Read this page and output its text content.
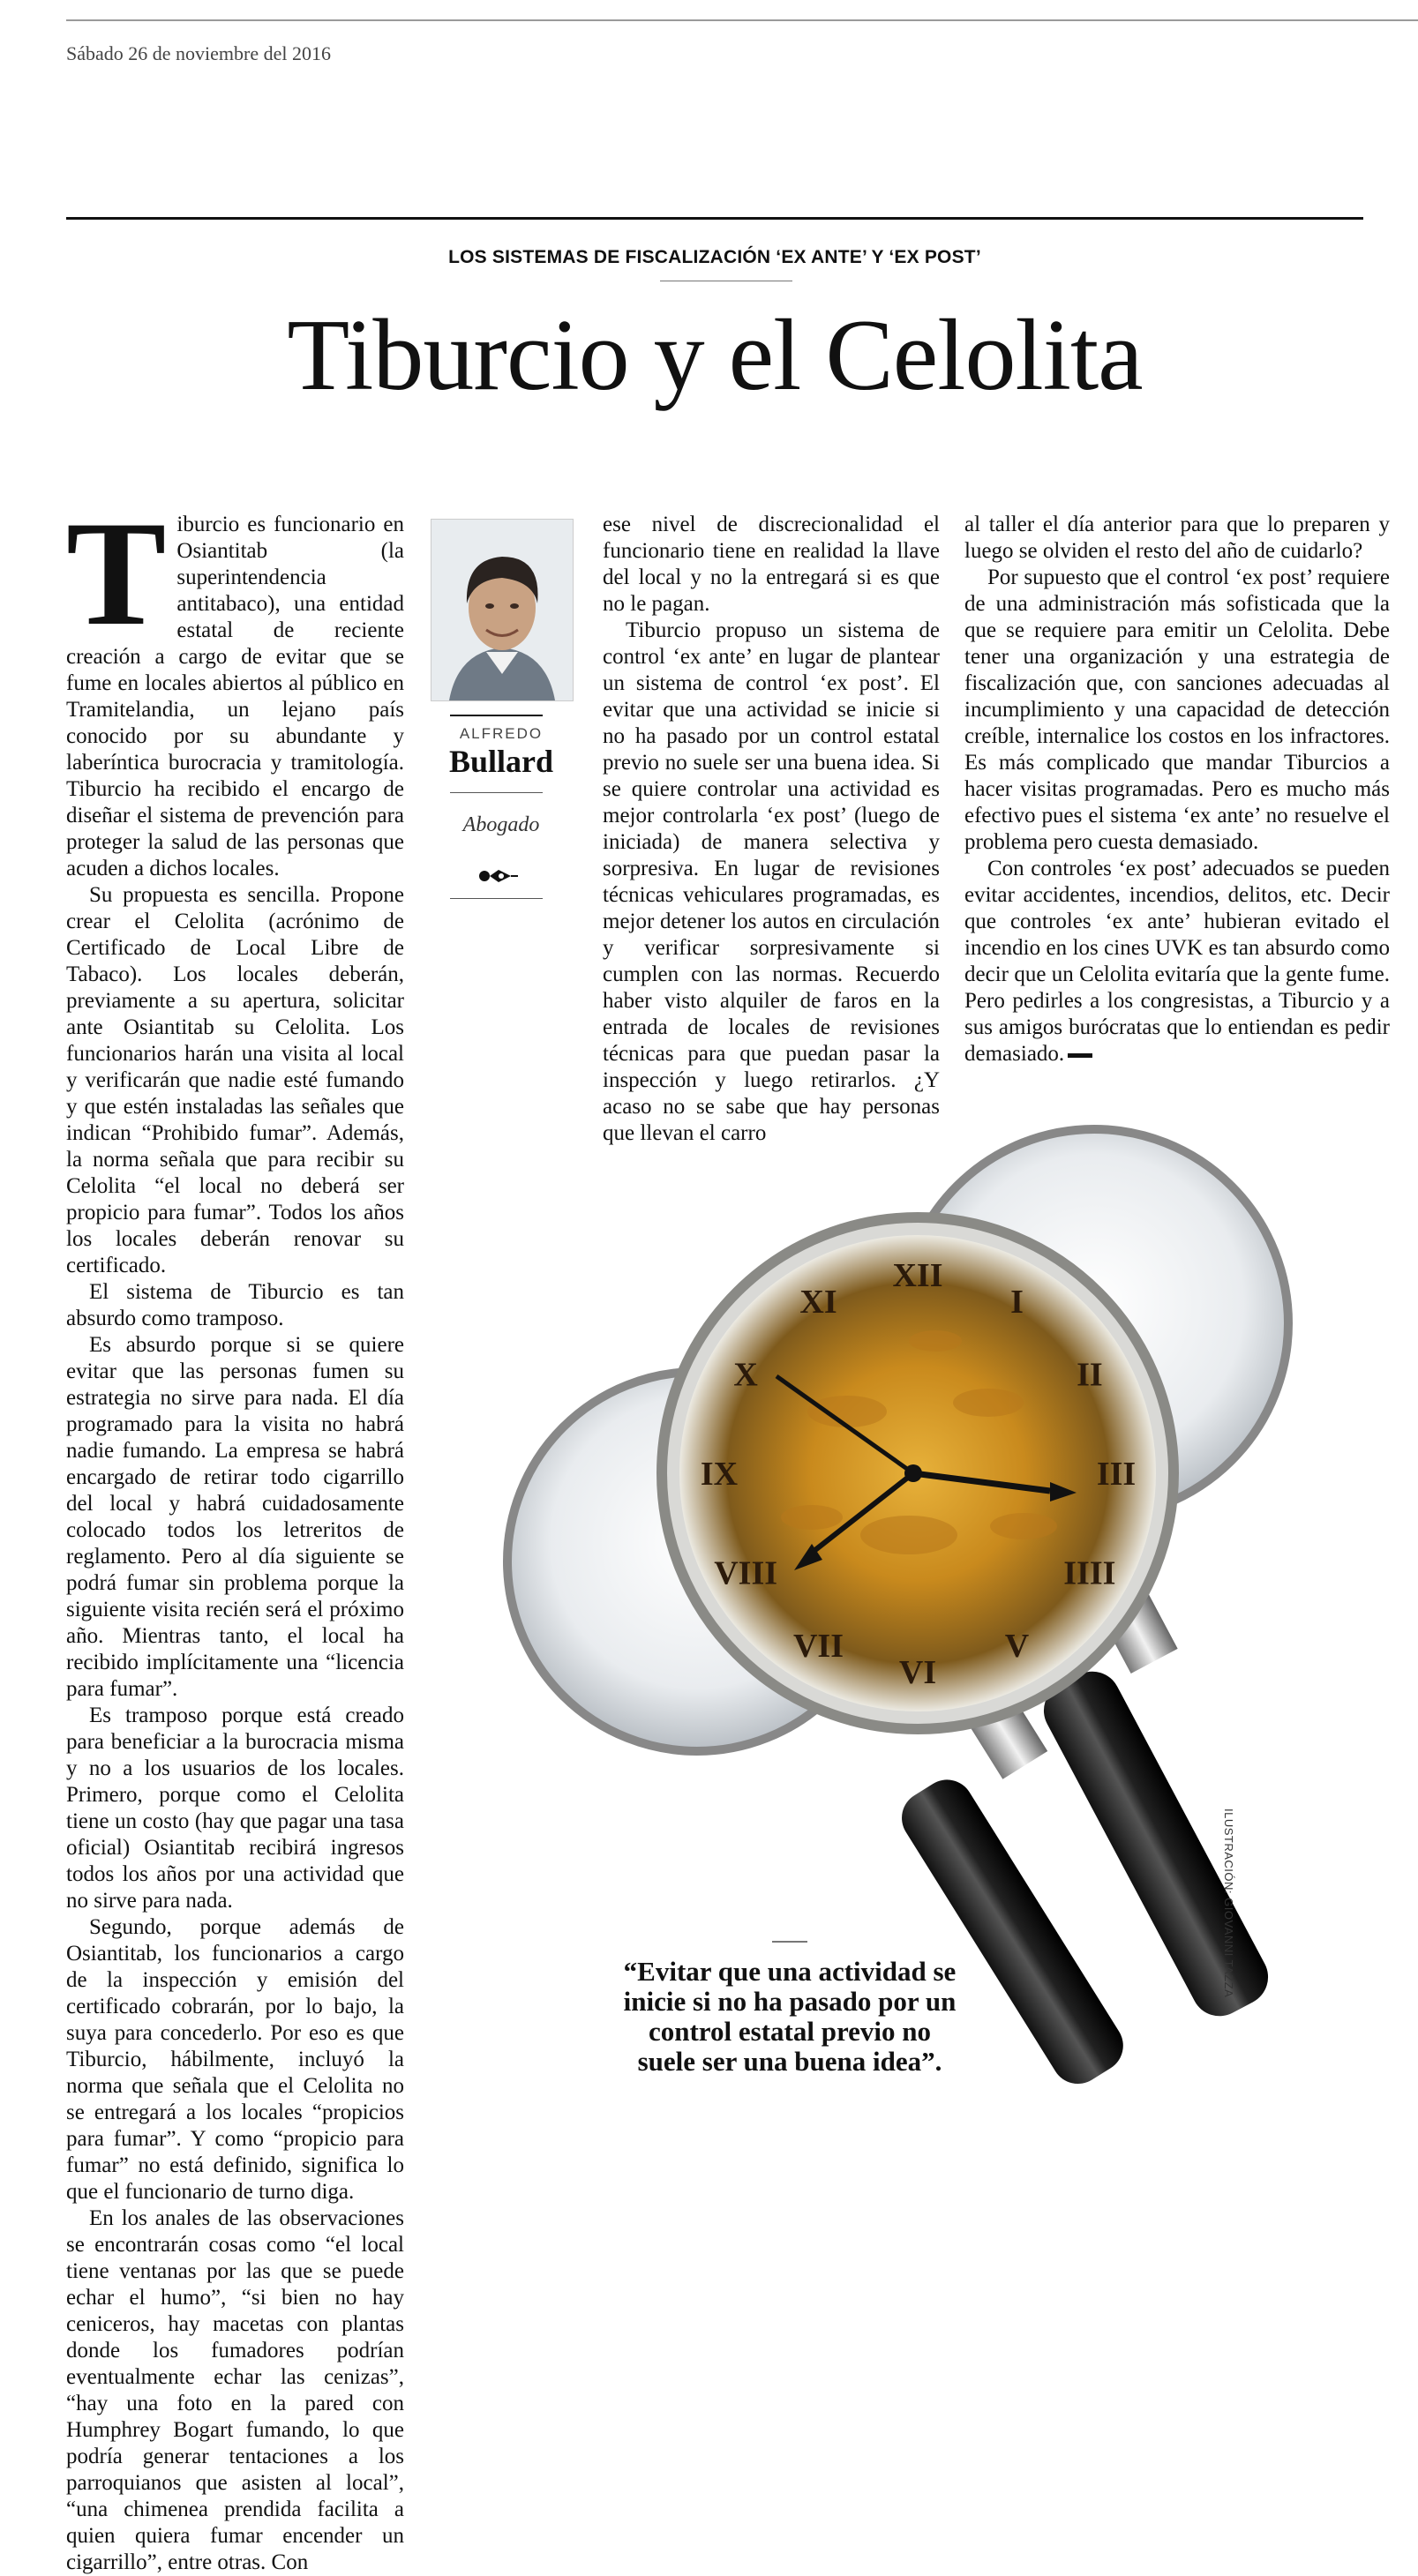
Sábado 26 de noviembre del 2016
LOS SISTEMAS DE FISCALIZACIÓN ‘EX ANTE’ Y ‘EX POST’
Tiburcio y el Celolita

Tiburcio es funcionario en Osiantitab (la superintendencia antitabaco), una entidad estatal de reciente creación a cargo de evitar que se fume en locales abiertos al público en Tramitelandia, un lejano país conocido por su abundante y laberíntica burocracia y tramitología. Tiburcio ha recibido el encargo de diseñar el sistema de prevención para proteger la salud de las personas que acuden a dichos locales.

Su propuesta es sencilla. Propone crear el Celolita (acrónimo de Certificado de Local Libre de Tabaco). Los locales deberán, previamente a su apertura, solicitar ante Osiantitab su Celolita. Los funcionarios harán una visita al local y verificarán que nadie esté fumando y que estén instaladas las señales que indican “Prohibido fumar”. Además, la norma señala que para recibir su Celolita “el local no deberá ser propicio para fumar”. Todos los años los locales deberán renovar su certificado.

El sistema de Tiburcio es tan absurdo como tramposo.

Es absurdo porque si se quiere evitar que las personas fumen su estrategia no sirve para nada. El día programado para la visita no habrá nadie fumando. La empresa se habrá encargado de retirar todo cigarrillo del local y habrá cuidadosamente colocado todos los letreritos de reglamento. Pero al día siguiente se podrá fumar sin problema porque la siguiente visita recién será el próximo año. Mientras tanto, el local ha recibido implícitamente una “licencia para fumar”.

Es tramposo porque está creado para beneficiar a la burocracia misma y no a los usuarios de los locales. Primero, porque como el Celolita tiene un costo (hay que pagar una tasa oficial) Osiantitab recibirá ingresos todos los años por una actividad que no sirve para nada.

Segundo, porque además de Osiantitab, los funcionarios a cargo de la inspección y emisión del certificado cobrarán, por lo bajo, la suya para concederlo. Por eso es que Tiburcio, hábilmente, incluyó la norma que señala que el Celolita no se entregará a los locales “propicios para fumar”. Y como “propicio para fumar” no está definido, significa lo que el funcionario de turno diga.

En los anales de las observaciones se encontrarán cosas como “el local tiene ventanas por las que se puede echar el humo”, “si bien no hay ceniceros, hay macetas con plantas donde los fumadores podrían eventualmente echar las cenizas”, “hay una foto en la pared con Humphrey Bogart fumando, lo que podría generar tentaciones a los parroquianos que asisten al local”, “una chimenea prendida facilita a quien quiera fumar encender un cigarrillo”, entre otras. Con

ALFREDO
Bullard
Abogado

ese nivel de discrecionalidad el funcionario tiene en realidad la llave del local y no la entregará si es que no le pagan.

Tiburcio propuso un sistema de control ‘ex ante’ en lugar de plantear un sistema de control ‘ex post’. El evitar que una actividad se inicie si no ha pasado por un control estatal previo no suele ser una buena idea. Si se quiere controlar una actividad es mejor controlarla ‘ex post’ (luego de iniciada) de manera selectiva y sorpresiva. En lugar de revisiones técnicas vehiculares programadas, es mejor detener los autos en circulación y verificar sorpresivamente si cumplen con las normas. Recuerdo haber visto alquiler de faros en la entrada de locales de revisiones técnicas para que puedan pasar la inspección y luego retirarlos. ¿Y acaso no se sabe que hay personas que llevan el carro

al taller el día anterior para que lo preparen y luego se olviden el resto del año de cuidarlo?

Por supuesto que el control ‘ex post’ requiere de una administración más sofisticada que la que se requiere para emitir un Celolita. Debe tener una organización y una estrategia de fiscalización que, con sanciones adecuadas al incumplimiento y una capacidad de detección creíble, internalice los costos en los infractores. Es más complicado que mandar Tiburcios a hacer visitas programadas. Pero es mucho más efectivo pues el sistema ‘ex ante’ no resuelve el problema pero cuesta demasiado.

Con controles ‘ex post’ adecuados se pueden evitar accidentes, incendios, delitos, etc. Decir que controles ‘ex ante’ hubieran evitado el incendio en los cines UVK es tan absurdo como decir que un Celolita evitaría que la gente fume. Pero pedirles a los congresistas, a Tiburcio y a sus amigos burócratas que lo entiendan es pedir demasiado.

XII
I
II
III
IIII
V
VI
VII
VIII
IX
X
XI
ILUSTRACIÓN: GIOVANNI TAZZA
“Evitar que una actividad se inicie si no ha pasado por un control estatal previo no suele ser una buena idea”.
